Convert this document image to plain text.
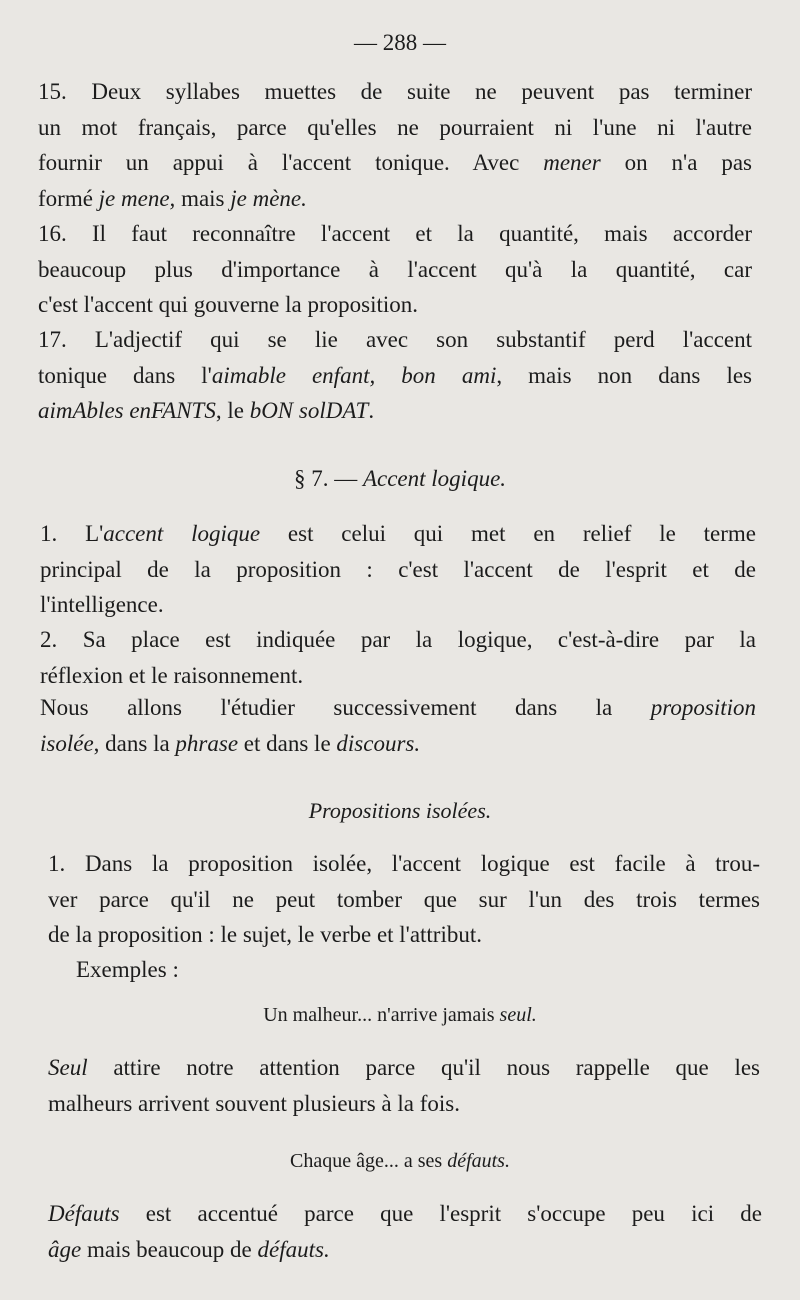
— 288 —
15. Deux syllabes muettes de suite ne peuvent pas terminer
un mot français, parce qu'elles ne pourraient ni l'une ni l'autre
fournir un appui à l'accent tonique. Avec mener on n'a pas
formé je mene, mais je mène.
16. Il faut reconnaître l'accent et la quantité, mais accorder
beaucoup plus d'importance à l'accent qu'à la quantité, car
c'est l'accent qui gouverne la proposition.
17. L'adjectif qui se lie avec son substantif perd l'accent
tonique dans l'aimable enfant, bon ami, mais non dans les
aimAbles enFANTS, le bON solDAT.
§ 7. — Accent logique.
1. L'accent logique est celui qui met en relief le terme
principal de la proposition : c'est l'accent de l'esprit et de
l'intelligence.
2. Sa place est indiquée par la logique, c'est-à-dire par la
réflexion et le raisonnement.
Nous allons l'étudier successivement dans la proposition
isolée, dans la phrase et dans le discours.
Propositions isolées.
1. Dans la proposition isolée, l'accent logique est facile à trou-
ver parce qu'il ne peut tomber que sur l'un des trois termes
de la proposition : le sujet, le verbe et l'attribut.
Exemples :
Un malheur... n'arrive jamais seul.
Seul attire notre attention parce qu'il nous rappelle que les
malheurs arrivent souvent plusieurs à la fois.
Chaque âge... a ses défauts.
Défauts est accentué parce que l'esprit s'occupe peu ici de
âge mais beaucoup de défauts.
